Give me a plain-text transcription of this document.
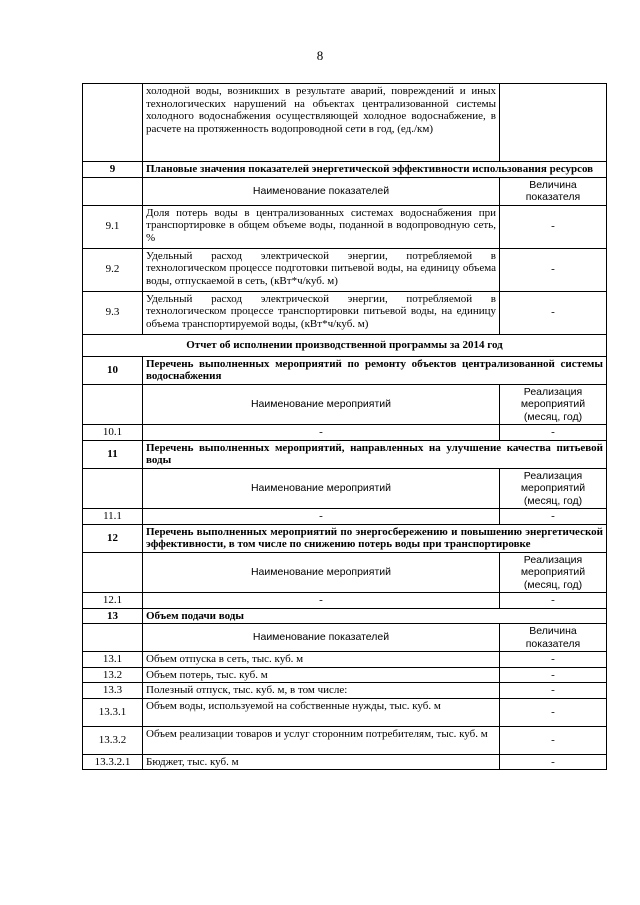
8
	холодной воды, возникших в результате аварий, повреждений и иных технологических нарушений на объектах централизованной системы холодного водоснабжения осуществляющей холодное водоснабжение, в расчете на протяженность водопроводной сети в год, (ед./км)	
9	Плановые значения показателей энергетической эффективности использования ресурсов	
	Наименование показателей	Величина показателя
9.1	Доля потерь воды в централизованных системах водоснабжения при транспортировке в общем объеме воды, поданной в водопроводную сеть, %	-
9.2	Удельный расход электрической энергии, потребляемой в технологическом процессе подготовки питьевой воды, на единицу объема воды, отпускаемой в сеть, (кВт*ч/куб. м)	-
9.3	Удельный расход электрической энергии, потребляемой в технологическом процессе транспортировки питьевой воды, на единицу объема транспортируемой воды, (кВт*ч/куб. м)	-
Отчет об исполнении производственной программы за 2014 год		
10	Перечень выполненных мероприятий по ремонту объектов централизованной системы водоснабжения	
	Наименование мероприятий	Реализация мероприятий (месяц, год)
10.1	-	-
11	Перечень выполненных мероприятий, направленных на улучшение качества питьевой воды	
	Наименование мероприятий	Реализация мероприятий (месяц, год)
11.1	-	-
12	Перечень выполненных мероприятий по энергосбережению и повышению энергетической эффективности, в том числе по снижению потерь воды при транспортировке	
	Наименование мероприятий	Реализация мероприятий (месяц, год)
12.1	-	-
13	Объем подачи воды	
	Наименование показателей	Величина показателя
13.1	Объем отпуска в сеть, тыс. куб. м	-
13.2	Объем потерь, тыс. куб. м	-
13.3	Полезный отпуск, тыс. куб. м, в том числе:	-
13.3.1	Объем воды, используемой на собственные нужды, тыс. куб. м	-
13.3.2	Объем реализации товаров и услуг сторонним потребителям, тыс. куб. м	-
13.3.2.1	Бюджет, тыс. куб. м	-
